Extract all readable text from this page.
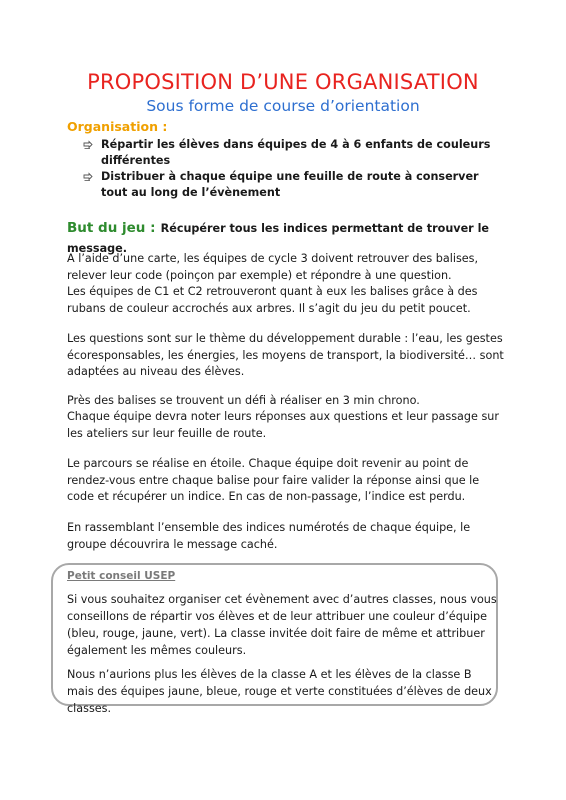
PROPOSITION D’UNE ORGANISATION
Sous forme de course d’orientation
Organisation :
Répartir les élèves dans équipes de 4 à 6 enfants de couleurs différentes
Distribuer à chaque équipe une feuille de route à conserver tout au long de l’évènement
But du jeu : Récupérer tous les indices permettant de trouver le message.

A l’aide d’une carte, les équipes de cycle 3 doivent retrouver des balises, relever leur code (poinçon par exemple) et répondre à une question.

Les équipes de C1 et C2 retrouveront quant à eux les balises grâce à des rubans de couleur accrochés aux arbres. Il s’agit du jeu du petit poucet.

Les questions sont sur le thème du développement durable : l’eau, les gestes écoresponsables, les énergies, les moyens de transport, la biodiversité… sont adaptées au niveau des élèves.

Près des balises se trouvent un défi à réaliser en 3 min chrono.

Chaque équipe devra noter leurs réponses aux questions et leur passage sur les ateliers sur leur feuille de route.

Le parcours se réalise en étoile. Chaque équipe doit revenir au point de rendez-vous entre chaque balise pour faire valider la réponse ainsi que le code et récupérer un indice. En cas de non-passage, l’indice est perdu.

En rassemblant l’ensemble des indices numérotés de chaque équipe, le groupe découvrira le message caché.

Petit conseil USEP

Si vous souhaitez organiser cet évènement avec d’autres classes, nous vous conseillons de répartir vos élèves et de leur attribuer une couleur d’équipe (bleu, rouge, jaune, vert). La classe invitée doit faire de même et attribuer également les mêmes couleurs.

Nous n’aurions plus les élèves de la classe A et les élèves de la classe B mais des équipes jaune, bleue, rouge et verte constituées d’élèves de deux classes.
